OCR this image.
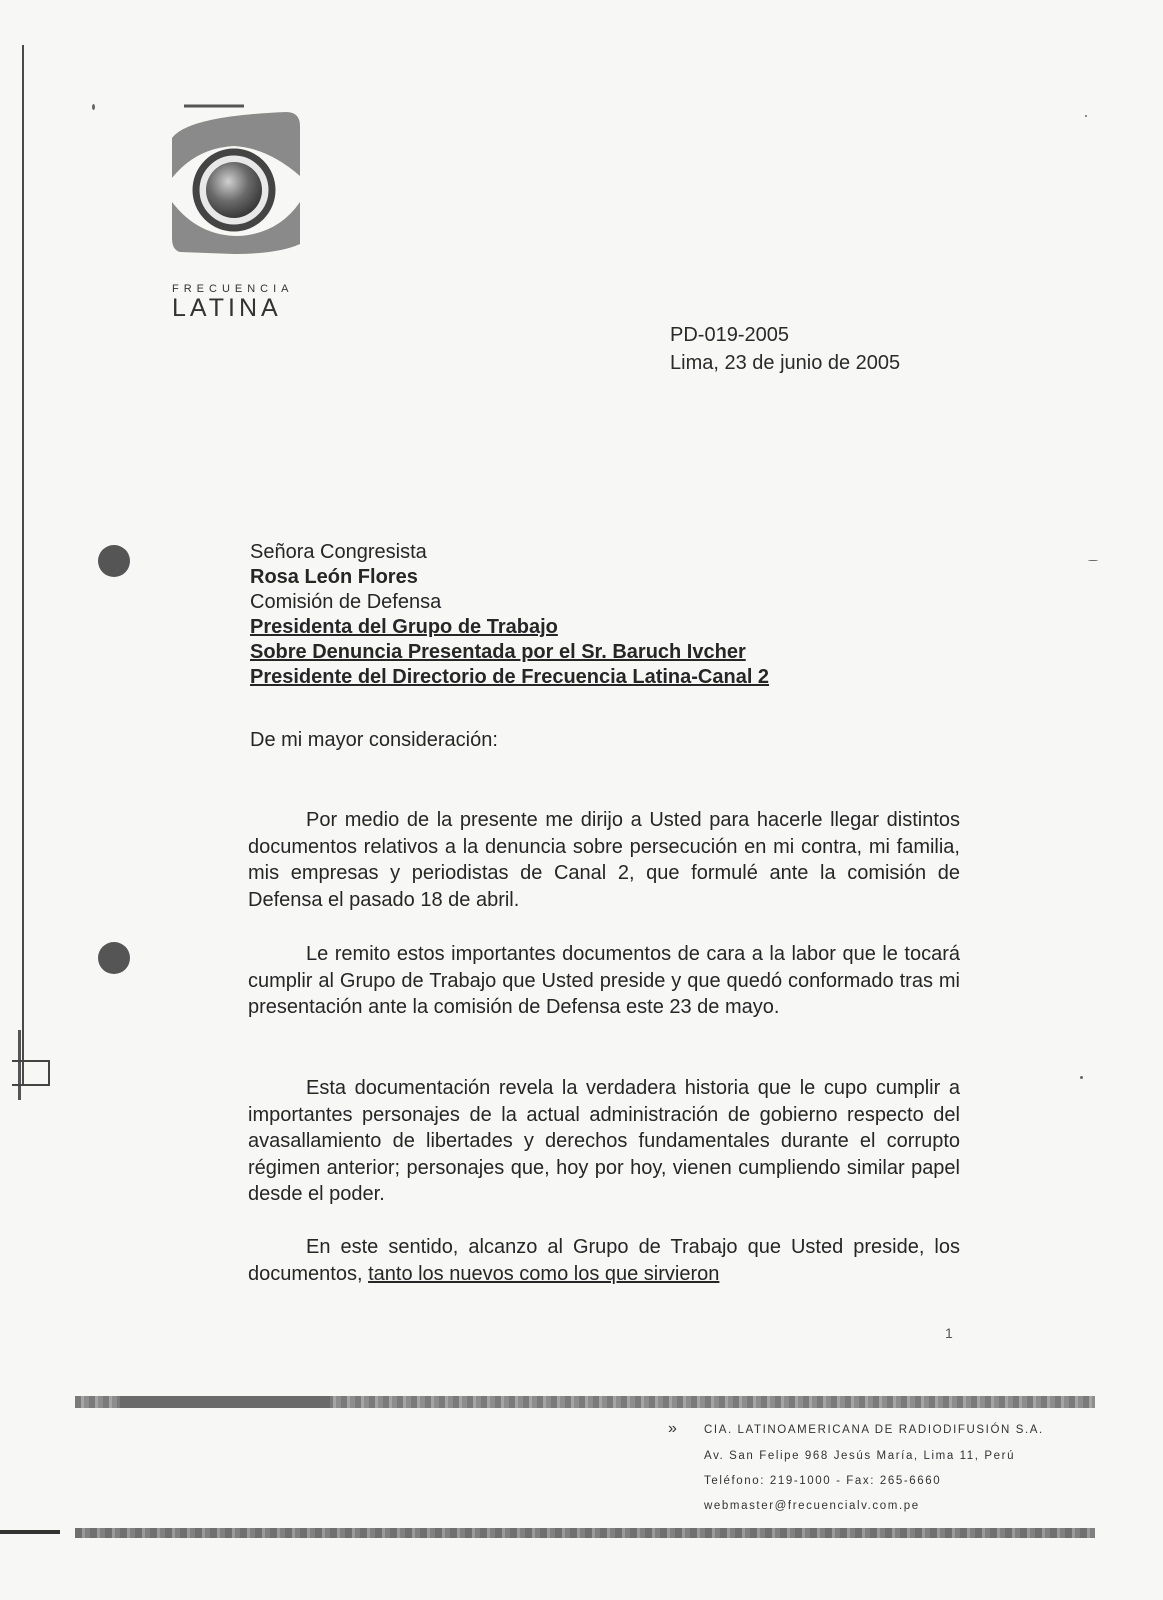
FRECUENCIA
LATINA
PD-019-2005
Lima, 23 de junio de 2005
Señora Congresista
Rosa León Flores
Comisión de Defensa
Presidenta del Grupo de Trabajo
Sobre Denuncia Presentada por el Sr. Baruch Ivcher
Presidente del Directorio de Frecuencia Latina-Canal 2
De mi mayor consideración:
Por medio de la presente me dirijo a Usted para hacerle llegar distintos documentos relativos a la denuncia sobre persecución en mi contra, mi familia, mis empresas y periodistas de Canal 2, que formulé ante la comisión de Defensa el pasado 18 de abril.
Le remito estos importantes documentos de cara a la labor que le tocará cumplir al Grupo de Trabajo que Usted preside y que quedó conformado tras mi presentación ante la comisión de Defensa este 23 de mayo.
Esta documentación revela la verdadera historia que le cupo cumplir a importantes personajes de la actual administración de gobierno respecto del avasallamiento de libertades y derechos fundamentales durante el corrupto régimen anterior; personajes que, hoy por hoy, vienen cumpliendo similar papel desde el poder.
En este sentido, alcanzo al Grupo de Trabajo que Usted preside, los documentos, tanto los nuevos como los que sirvieron
1
» CIA. LATINOAMERICANA DE RADIODIFUSIÓN S.A.
Av. San Felipe 968 Jesús María, Lima 11, Perú
Teléfono: 219-1000 - Fax: 265-6660
webmaster@frecuencialv.com.pe
